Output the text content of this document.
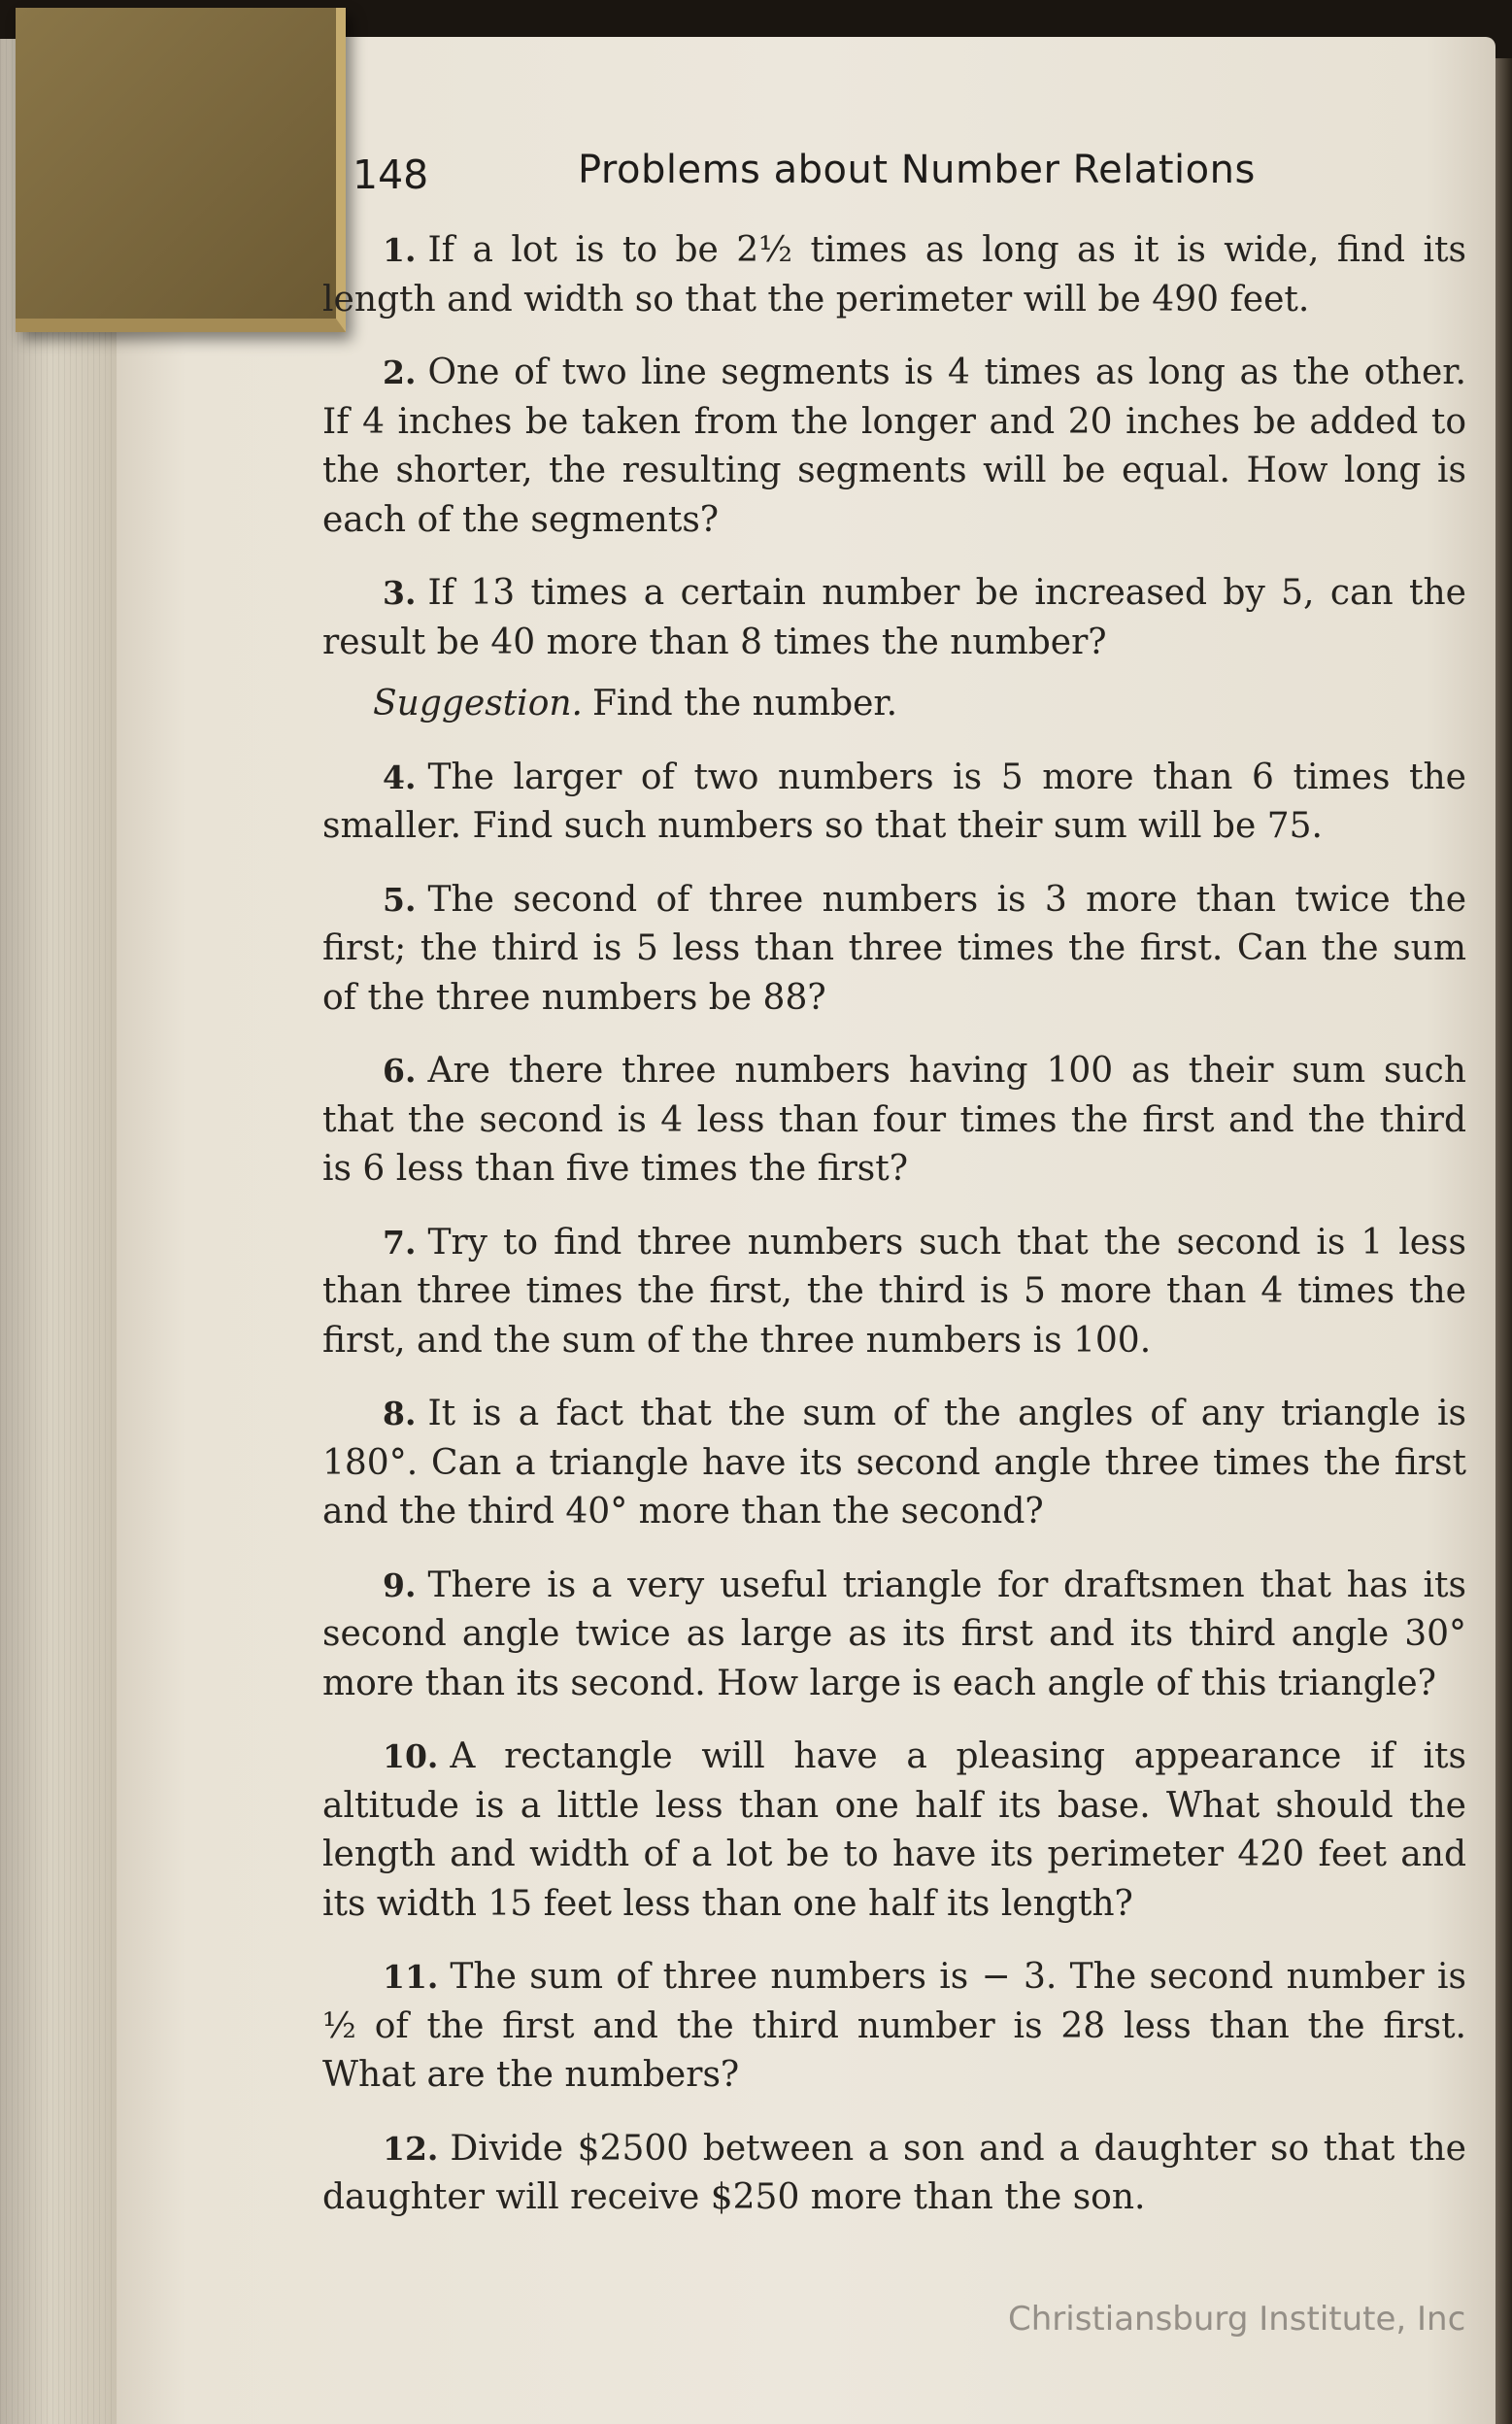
148	Problems about Number Relations
1. If a lot is to be 2½ times as long as it is wide, find its length and width so that the perimeter will be 490 feet.
2. One of two line segments is 4 times as long as the other. If 4 inches be taken from the longer and 20 inches be added to the shorter, the resulting segments will be equal. How long is each of the segments?
3. If 13 times a certain number be increased by 5, can the result be 40 more than 8 times the number?
Suggestion. Find the number.
4. The larger of two numbers is 5 more than 6 times the smaller. Find such numbers so that their sum will be 75.
5. The second of three numbers is 3 more than twice the first; the third is 5 less than three times the first. Can the sum of the three numbers be 88?
6. Are there three numbers having 100 as their sum such that the second is 4 less than four times the first and the third is 6 less than five times the first?
7. Try to find three numbers such that the second is 1 less than three times the first, the third is 5 more than 4 times the first, and the sum of the three numbers is 100.
8. It is a fact that the sum of the angles of any triangle is 180°. Can a triangle have its second angle three times the first and the third 40° more than the second?
9. There is a very useful triangle for draftsmen that has its second angle twice as large as its first and its third angle 30° more than its second. How large is each angle of this triangle?
10. A rectangle will have a pleasing appearance if its altitude is a little less than one half its base. What should the length and width of a lot be to have its perimeter 420 feet and its width 15 feet less than one half its length?
11. The sum of three numbers is − 3. The second number is ½ of the first and the third number is 28 less than the first. What are the numbers?
12. Divide $2500 between a son and a daughter so that the daughter will receive $250 more than the son.
Christiansburg Institute, Inc
